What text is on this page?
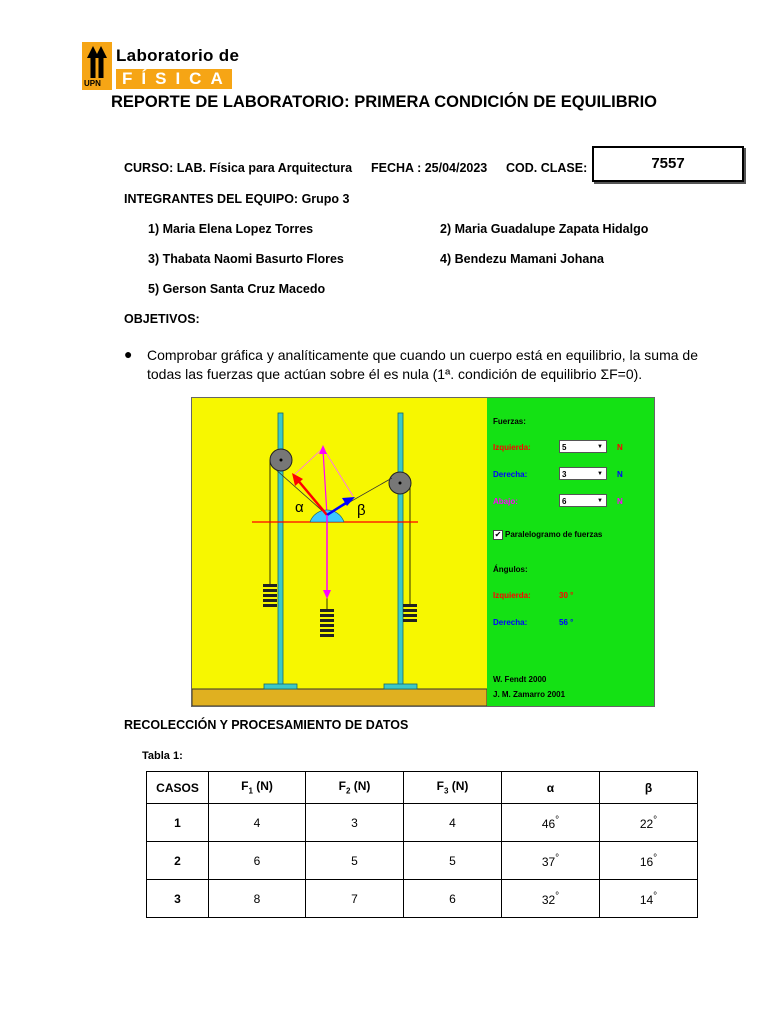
UPN
Laboratorio de
FÍSICA
REPORTE DE LABORATORIO: PRIMERA CONDICIÓN DE EQUILIBRIO
CURSO: LAB. Física para Arquitectura FECHA : 25/04/2023 COD. CLASE:	7557
INTEGRANTES DEL EQUIPO: Grupo 3
1) Maria Elena Lopez Torres	2) Maria Guadalupe Zapata Hidalgo
3) Thabata Naomi Basurto Flores	4) Bendezu Mamani Johana
5) Gerson Santa Cruz Macedo
OBJETIVOS:
● Comprobar gráfica y analíticamente que cuando un cuerpo está en equilibrio, la suma de todas las fuerzas que actúan sobre él es nula (1ª. condición de equilibrio ΣF=0).
α	β
Fuerzas:
Izquierda:	5	▼ N
Derecha:	3	▼ N
Abajo:	6	▼ N
✔ Paralelogramo de fuerzas
Ángulos:
Izquierda:	30 °
Derecha:	56 °
W. Fendt 2000
J. M. Zamarro 2001
RECOLECCIÓN Y PROCESAMIENTO DE DATOS
Tabla 1:
CASOS	$F_1$ (N)	$F_2$ (N)	$F_3$ (N)	α	β
1	4	3	4	46°	22°
2	6	5	5	37°	16°
3	8	7	6	32°	14°
